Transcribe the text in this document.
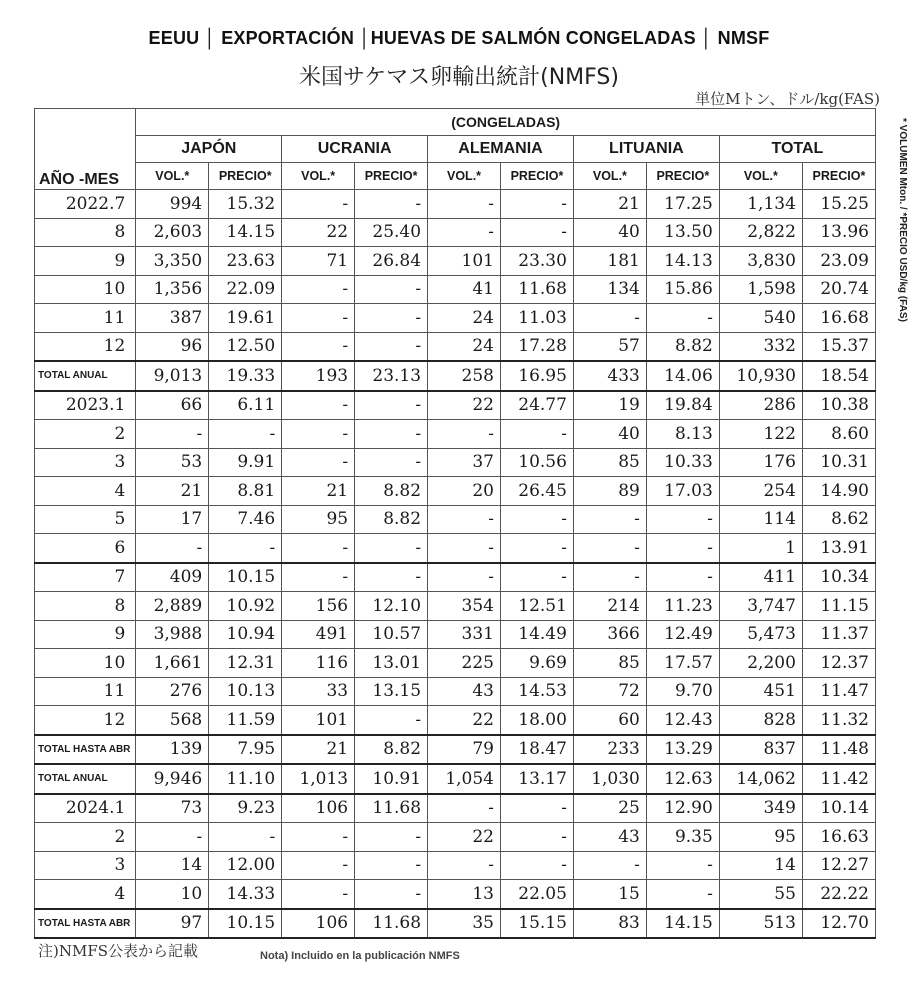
EEUU │ EXPORTACIÓN │HUEVAS DE SALMÓN CONGELADAS │ NMSF
米国サケマス卵輸出統計(NMFS)
単位Mトン、ドル/kg(FAS)
* VOLUMEN Mton. / *PRECIO USD/kg (FAS)
AÑO -MES	(CONGELADAS)									
	JAPÓN		UCRANIA		ALEMANIA		LITUANIA		TOTAL	
	VOL.*	PRECIO*	VOL.*	PRECIO*	VOL.*	PRECIO*	VOL.*	PRECIO*	VOL.*	PRECIO*
2022.7	994	15.32	-	-	-	-	21	17.25	1,134	15.25
8	2,603	14.15	22	25.40	-	-	40	13.50	2,822	13.96
9	3,350	23.63	71	26.84	101	23.30	181	14.13	3,830	23.09
10	1,356	22.09	-	-	41	11.68	134	15.86	1,598	20.74
11	387	19.61	-	-	24	11.03	-	-	540	16.68
12	96	12.50	-	-	24	17.28	57	8.82	332	15.37
TOTAL ANUAL	9,013	19.33	193	23.13	258	16.95	433	14.06	10,930	18.54
2023.1	66	6.11	-	-	22	24.77	19	19.84	286	10.38
2	-	-	-	-	-	-	40	8.13	122	8.60
3	53	9.91	-	-	37	10.56	85	10.33	176	10.31
4	21	8.81	21	8.82	20	26.45	89	17.03	254	14.90
5	17	7.46	95	8.82	-	-	-	-	114	8.62
6	-	-	-	-	-	-	-	-	1	13.91
7	409	10.15	-	-	-	-	-	-	411	10.34
8	2,889	10.92	156	12.10	354	12.51	214	11.23	3,747	11.15
9	3,988	10.94	491	10.57	331	14.49	366	12.49	5,473	11.37
10	1,661	12.31	116	13.01	225	9.69	85	17.57	2,200	12.37
11	276	10.13	33	13.15	43	14.53	72	9.70	451	11.47
12	568	11.59	101	-	22	18.00	60	12.43	828	11.32
TOTAL HASTA ABR	139	7.95	21	8.82	79	18.47	233	13.29	837	11.48
TOTAL ANUAL	9,946	11.10	1,013	10.91	1,054	13.17	1,030	12.63	14,062	11.42
2024.1	73	9.23	106	11.68	-	-	25	12.90	349	10.14
2	-	-	-	-	22	-	43	9.35	95	16.63
3	14	12.00	-	-	-	-	-	-	14	12.27
4	10	14.33	-	-	13	22.05	15	-	55	22.22
TOTAL HASTA ABR	97	10.15	106	11.68	35	15.15	83	14.15	513	12.70
注)NMFS公表から記載	Nota) Incluido en la publicación NMFS
